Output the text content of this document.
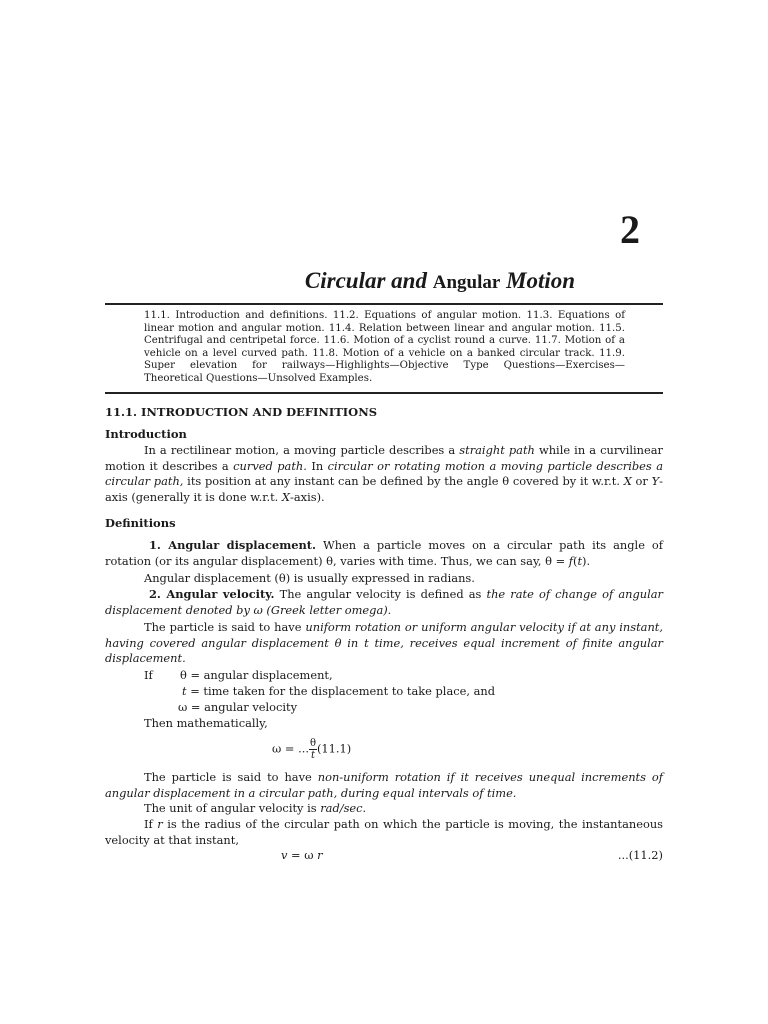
2
Circular and Angular Motion
11.1. Introduction and definitions. 11.2. Equations of angular motion. 11.3. Equations of linear motion and angular motion. 11.4. Relation between linear and angular motion. 11.5. Centrifugal and centripetal force. 11.6. Motion of a cyclist round a curve. 11.7. Motion of a vehicle on a level curved path. 11.8. Motion of a vehicle on a banked circular track. 11.9. Super elevation for railways—Highlights—Objective Type Questions—Exercises—Theoretical Questions—Unsolved Examples.
11.1. INTRODUCTION AND DEFINITIONS
Introduction
In a rectilinear motion, a moving particle describes a straight path while in a curvilinear motion it describes a curved path. In circular or rotating motion a moving particle describes a circular path, its position at any instant can be defined by the angle θ covered by it w.r.t. X or Y-axis (generally it is done w.r.t. X-axis).
Definitions
1. Angular displacement. When a particle moves on a circular path its angle of rotation (or its angular displacement) θ, varies with time. Thus, we can say, θ = f(t).
Angular displacement (θ) is usually expressed in radians.
2. Angular velocity. The angular velocity is defined as the rate of change of angular displacement denoted by ω (Greek letter omega).
The particle is said to have uniform rotation or uniform angular velocity if at any instant, having covered angular displacement θ in t time, receives equal increment of finite angular displacement.
If θ = angular displacement,
t = time taken for the displacement to take place, and
ω = angular velocity
Then mathematically,
ω = ... $\frac{\theta}{t} (11.1)$
The particle is said to have non-uniform rotation if it receives unequal increments of angular displacement in a circular path, during equal intervals of time.
The unit of angular velocity is rad/sec.
If r is the radius of the circular path on which the particle is moving, the instantaneous velocity at that instant,
v = ω r	...(11.2)
